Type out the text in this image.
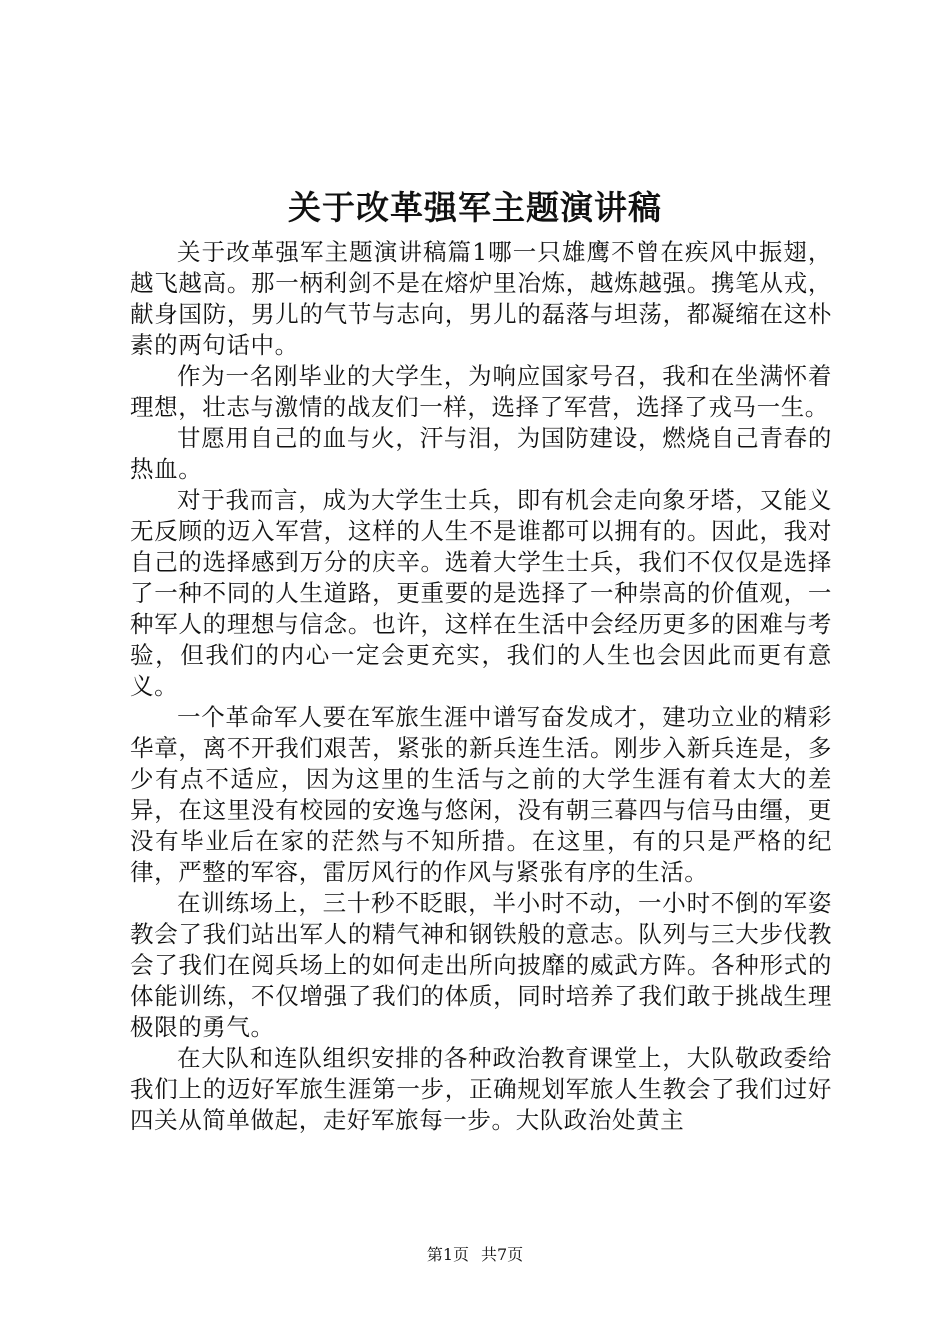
关于改革强军主题演讲稿

关于改革强军主题演讲稿篇1哪一只雄鹰不曾在疾风中振翅，越飞越高。那一柄利剑不是在熔炉里冶炼，越炼越强。携笔从戎，献身国防，男儿的气节与志向，男儿的磊落与坦荡，都凝缩在这朴素的两句话中。

作为一名刚毕业的大学生，为响应国家号召，我和在坐满怀着理想，壮志与激情的战友们一样，选择了军营，选择了戎马一生。

甘愿用自己的血与火，汗与泪，为国防建设，燃烧自己青春的热血。

对于我而言，成为大学生士兵，即有机会走向象牙塔，又能义无反顾的迈入军营，这样的人生不是谁都可以拥有的。因此，我对自己的选择感到万分的庆辛。选着大学生士兵，我们不仅仅是选择了一种不同的人生道路，更重要的是选择了一种崇高的价值观，一种军人的理想与信念。也许，这样在生活中会经历更多的困难与考验，但我们的内心一定会更充实，我们的人生也会因此而更有意义。

一个革命军人要在军旅生涯中谱写奋发成才，建功立业的精彩华章，离不开我们艰苦，紧张的新兵连生活。刚步入新兵连是，多少有点不适应，因为这里的生活与之前的大学生涯有着太大的差异，在这里没有校园的安逸与悠闲，没有朝三暮四与信马由缰，更没有毕业后在家的茫然与不知所措。在这里，有的只是严格的纪律，严整的军容，雷厉风行的作风与紧张有序的生活。

在训练场上，三十秒不眨眼，半小时不动，一小时不倒的军姿教会了我们站出军人的精气神和钢铁般的意志。队列与三大步伐教会了我们在阅兵场上的如何走出所向披靡的威武方阵。各种形式的体能训练，不仅增强了我们的体质，同时培养了我们敢于挑战生理极限的勇气。

在大队和连队组织安排的各种政治教育课堂上，大队敬政委给我们上的迈好军旅生涯第一步，正确规划军旅人生教会了我们过好四关从简单做起，走好军旅每一步。大队政治处黄主

第1页 共7页
